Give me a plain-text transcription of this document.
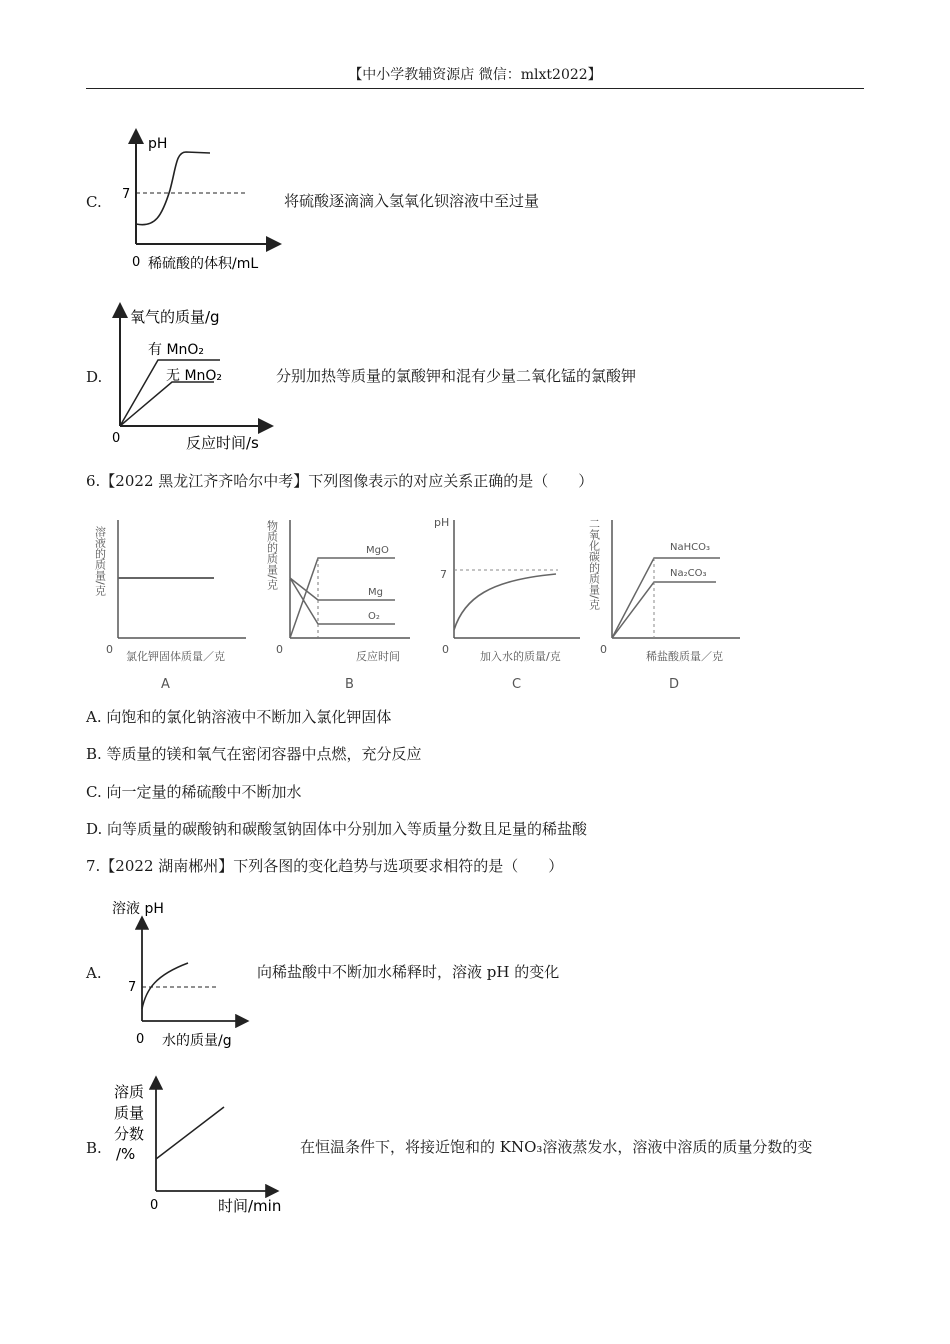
【中小学教辅资源店 微信：mlxt2022】
C.
pH
7
0 稀硫酸的体积/mL
将硫酸逐滴滴入氢氧化钡溶液中至过量
D.
氧气的质量/g
有 MnO₂
无 MnO₂
0	反应时间/s
分别加热等质量的氯酸钾和混有少量二氧化锰的氯酸钾
6.【2022 黑龙江齐齐哈尔中考】下列图像表示的对应关系正确的是（　　）
溶液的质量/克
0
氯化钾固体质量／克
A
物质的质量/克	MgO
Mg
O₂
0
反应时间
B
pH
7
0
加入水的质量/克
C
二氧化碳的质量/克	NaHCO₃
Na₂CO₃
0
稀盐酸质量／克
D
A. 向饱和的氯化钠溶液中不断加入氯化钾固体
B. 等质量的镁和氧气在密闭容器中点燃，充分反应
C. 向一定量的稀硫酸中不断加水
D. 向等质量的碳酸钠和碳酸氢钠固体中分别加入等质量分数且足量的稀盐酸
7.【2022 湖南郴州】下列各图的变化趋势与选项要求相符的是（　　）
A.
溶液 pH
7
0 水的质量/g
向稀盐酸中不断加水稀释时，溶液 pH 的变化
B.
溶质
质量
分数
/%
0	时间/min
在恒温条件下，将接近饱和的 KNO₃溶液蒸发水，溶液中溶质的质量分数的变
